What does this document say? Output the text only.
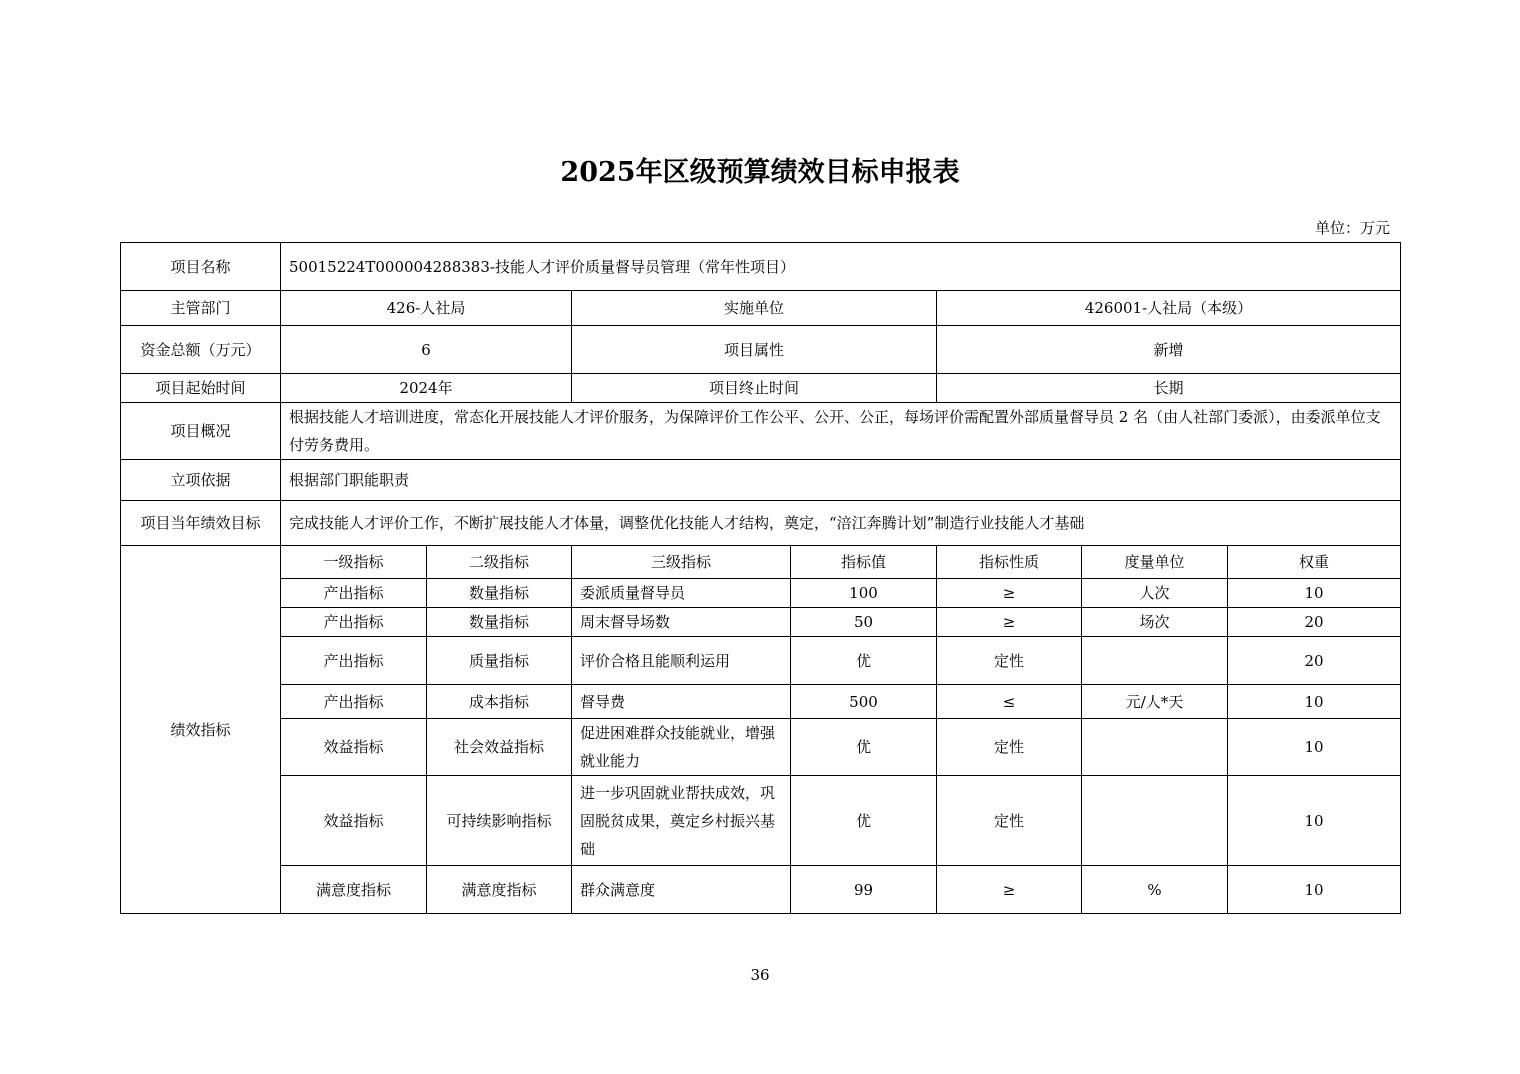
2025年区级预算绩效目标申报表
单位：万元
项目名称	50015224T000004288383-技能人才评价质量督导员管理（常年性项目）						
主管部门	426-人社局		实施单位		426001-人社局（本级）		
资金总额（万元）	6		项目属性		新增		
项目起始时间	2024年		项目终止时间		长期		
项目概况	根据技能人才培训进度，常态化开展技能人才评价服务，为保障评价工作公平、公开、公正，每场评价需配置外部质量督导员 2 名（由人社部门委派），由委派单位支付劳务费用。						
立项依据	根据部门职能职责						
项目当年绩效目标	完成技能人才评价工作，不断扩展技能人才体量，调整优化技能人才结构，奠定，“涪江奔腾计划”制造行业技能人才基础						
绩效指标	一级指标	二级指标	三级指标	指标值	指标性质	度量单位	权重
	产出指标	数量指标	委派质量督导员	100	≥	人次	10
	产出指标	数量指标	周末督导场数	50	≥	场次	20
	产出指标	质量指标	评价合格且能顺利运用	优	定性		20
	产出指标	成本指标	督导费	500	≤	元/人*天	10
	效益指标	社会效益指标	促进困难群众技能就业，增强就业能力	优	定性		10
	效益指标	可持续影响指标	进一步巩固就业帮扶成效，巩固脱贫成果，奠定乡村振兴基础	优	定性		10
	满意度指标	满意度指标	群众满意度	99	≥	%	10
36
